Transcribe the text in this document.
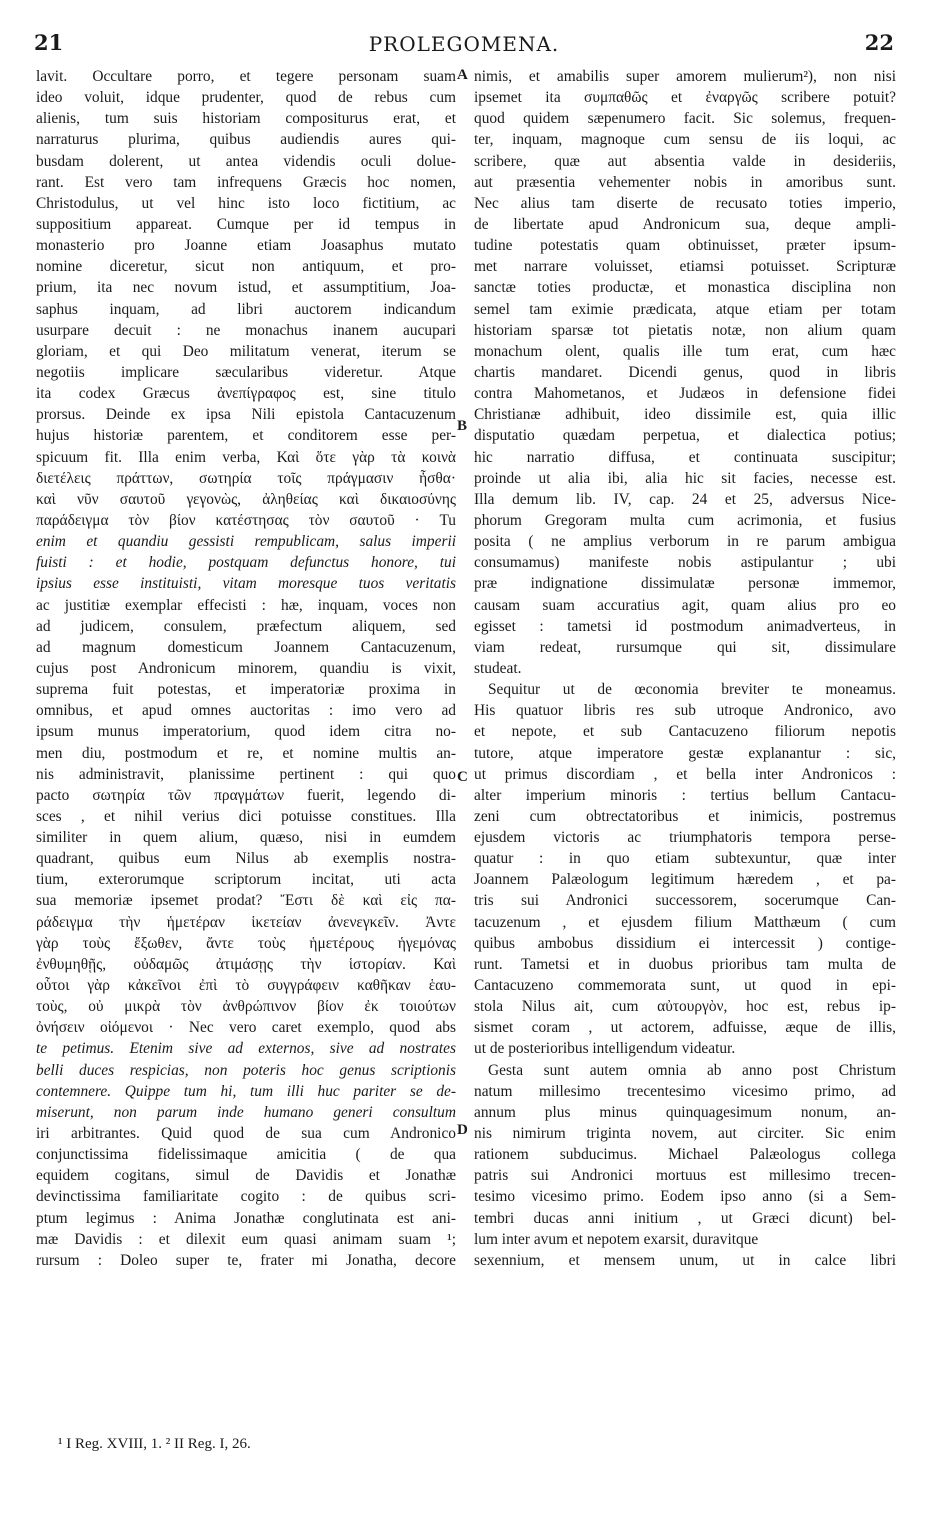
21	PROLEGOMENA.	22
lavit. Occultare porro, et tegere personam suam
ideo voluit, idque prudenter, quod de rebus cum
alienis, tum suis historiam compositurus erat, et
narraturus plurima, quibus audiendis aures qui-
busdam dolerent, ut antea videndis oculi dolue-
rant. Est vero tam infrequens Græcis hoc nomen,
Christodulus, ut vel hinc isto loco fictitium, ac
suppositium appareat. Cumque per id tempus in
monasterio pro Joanne etiam Joasaphus mutato
nomine diceretur, sicut non antiquum, et pro-
prium, ita nec novum istud, et assumptitium, Joa-
saphus inquam, ad libri auctorem indicandum
usurpare decuit : ne monachus inanem aucupari
gloriam, et qui Deo militatum venerat, iterum se
negotiis implicare sæcularibus videretur. Atque
ita codex Græcus ἀνεπίγραφος est, sine titulo
prorsus. Deinde ex ipsa Nili epistola Cantacuzenum
hujus historiæ parentem, et conditorem esse per-
spicuum fit. Illa enim verba, Καὶ ὅτε γὰρ τὰ κοινὰ
διετέλεις πράττων, σωτηρία τοῖς πράγμασιν ἦσθα·
καὶ νῦν σαυτοῦ γεγονὼς, ἀληθείας καὶ δικαιοσύνης
παράδειγμα τὸν βίον κατέστησας τὸν σαυτοῦ · Tu
enim et quandiu gessisti rempublicam, salus imperii
fuisti : et hodie, postquam defunctus honore, tui
ipsius esse instituisti, vitam moresque tuos veritatis
ac justitiæ exemplar effecisti : hæ, inquam, voces non
ad judicem, consulem, præfectum aliquem, sed
ad magnum domesticum Joannem Cantacuzenum,
cujus post Andronicum minorem, quandiu is vixit,
suprema fuit potestas, et imperatoriæ proxima in
omnibus, et apud omnes auctoritas : imo vero ad
ipsum munus imperatorium, quod idem citra no-
men diu, postmodum et re, et nomine multis an-
nis administravit, planissime pertinent : qui quo
pacto σωτηρία τῶν πραγμάτων fuerit, legendo di-
sces , et nihil verius dici potuisse constitues. Illa
similiter in quem alium, quæso, nisi in eumdem
quadrant, quibus eum Nilus ab exemplis nostra-
tium, exterorumque scriptorum incitat, uti acta
sua memoriæ ipsemet prodat? Ἔστι δὲ καὶ εἰς πα-
ράδειγμα τὴν ἡμετέραν ἱκετείαν ἀνενεγκεῖν. Ἀντε
γὰρ τοὺς ἔξωθεν, ἄντε τοὺς ἡμετέρους ἡγεμόνας
ἐνθυμηθῇς, οὐδαμῶς ἀτιμάσῃς τὴν ἱστορίαν. Καὶ
οὗτοι γὰρ κἀκεῖνοι ἐπὶ τὸ συγγράφειν καθῆκαν ἑαυ-
τοὺς, οὐ μικρὰ τὸν ἀνθρώπινον βίον ἐκ τοιούτων
ὀνήσειν οἰόμενοι · Nec vero caret exemplo, quod abs
te petimus. Etenim sive ad externos, sive ad nostrates
belli duces respicias, non poteris hoc genus scriptionis
contemnere. Quippe tum hi, tum illi huc pariter se de-
miserunt, non parum inde humano generi consultum
iri arbitrantes. Quid quod de sua cum Andronico
conjunctissima fidelissimaque amicitia ( de qua
equidem cogitans, simul de Davidis et Jonathæ
devinctissima familiaritate cogito : de quibus scri-
ptum legimus : Anima Jonathæ conglutinata est ani-
mæ Davidis : et dilexit eum quasi animam suam ¹;
rursum : Doleo super te, frater mi Jonatha, decore
nimis, et amabilis super amorem mulierum²), non nisi
ipsemet ita συμπαθῶς et ἐναργῶς scribere potuit?
quod quidem sæpenumero facit. Sic solemus, frequen-
ter, inquam, magnoque cum sensu de iis loqui, ac
scribere, quæ aut absentia valde in desideriis,
aut præsentia vehementer nobis in amoribus sunt.
Nec alius tam diserte de recusato toties imperio,
de libertate apud Andronicum sua, deque ampli-
tudine potestatis quam obtinuisset, præter ipsum-
met narrare voluisset, etiamsi potuisset. Scripturæ
sanctæ toties productæ, et monastica disciplina non
semel tam eximie prædicata, atque etiam per totam
historiam sparsæ tot pietatis notæ, non alium quam
monachum olent, qualis ille tum erat, cum hæc
chartis mandaret. Dicendi genus, quod in libris
contra Mahometanos, et Judæos in defensione fidei
Christianæ adhibuit, ideo dissimile est, quia illic
disputatio quædam perpetua, et dialectica potius;
hic narratio diffusa, et continuata suscipitur;
proinde ut alia ibi, alia hic sit facies, necesse est.
Illa demum lib. IV, cap. 24 et 25, adversus Nice-
phorum Gregoram multa cum acrimonia, et fusius
posita ( ne amplius verborum in re parum ambigua
consumamus) manifeste nobis astipulantur ; ubi
præ indignatione dissimulatæ personæ immemor,
causam suam accuratius agit, quam alius pro eo
egisset : tametsi id postmodum animadverteus, in
viam redeat, rursumque qui sit, dissimulare
studeat.
Sequitur ut de œconomia breviter te moneamus.
His quatuor libris res sub utroque Andronico, avo
et nepote, et sub Cantacuzeno filiorum nepotis
tutore, atque imperatore gestæ explanantur : sic,
ut primus discordiam , et bella inter Andronicos :
alter imperium minoris : tertius bellum Cantacu-
zeni cum obtrectatoribus et inimicis, postremus
ejusdem victoris ac triumphatoris tempora perse-
quatur : in quo etiam subtexuntur, quæ inter
Joannem Palæologum legitimum hæredem , et pa-
tris sui Andronici successorem, socerumque Can-
tacuzenum , et ejusdem filium Matthæum ( cum
quibus ambobus dissidium ei intercessit ) contige-
runt. Tametsi et in duobus prioribus tam multa de
Cantacuzeno commemorata sunt, ut quod in epi-
stola Nilus ait, cum αὐτουργὸν, hoc est, rebus ip-
sismet coram , ut actorem, adfuisse, æque de illis,
ut de posterioribus intelligendum videatur.
Gesta sunt autem omnia ab anno post Christum
natum millesimo trecentesimo vicesimo primo, ad
annum plus minus quinquagesimum nonum, an-
nis nimirum triginta novem, aut circiter. Sic enim
rationem subducimus. Michael Palæologus collega
patris sui Andronici mortuus est millesimo trecen-
tesimo vicesimo primo. Eodem ipso anno (si a Sem-
tembri ducas anni initium , ut Græci dicunt) bel-
lum inter avum et nepotem exarsit, duravitque
sexennium, et mensem unum, ut in calce libri
A
B
C
D
¹ I Reg. XVIII, 1. ² II Reg. I, 26.
